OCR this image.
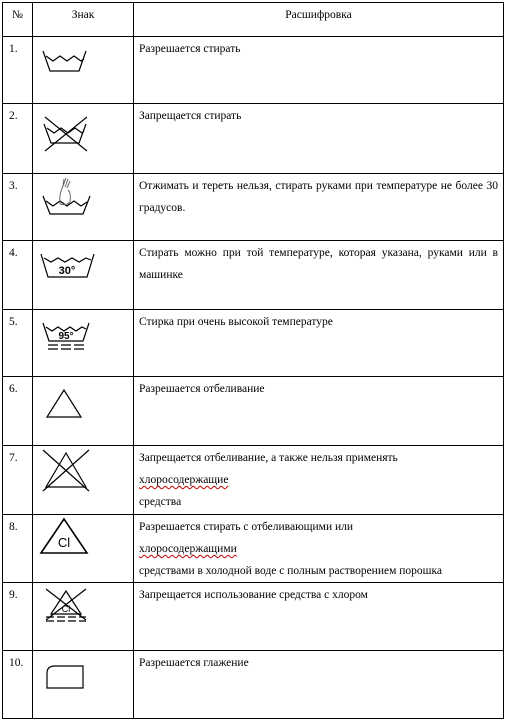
№	Знак	Расшифровка
1.		Разрешается стирать

2.		Запрещается стирать

3.		Отжимать и тереть нельзя, стирать руками при температуре не более 30 градусов.

4.	30°	Стирать можно при той температуре, которая указана, руками или в машинке

5.	95°	Стирка при очень высокой температуре

6.		Разрешается отбеливание

7.		Запрещается отбеливание, а также нельзя применять
хлоросодержащие
средства

8.	Cl	Разрешается стирать с отбеливающими или
хлоросодержащими
средствами в холодной воде с полным растворением порошка

9.	Cl	Запрещается использование средства с хлором

10.		Разрешается глажение
